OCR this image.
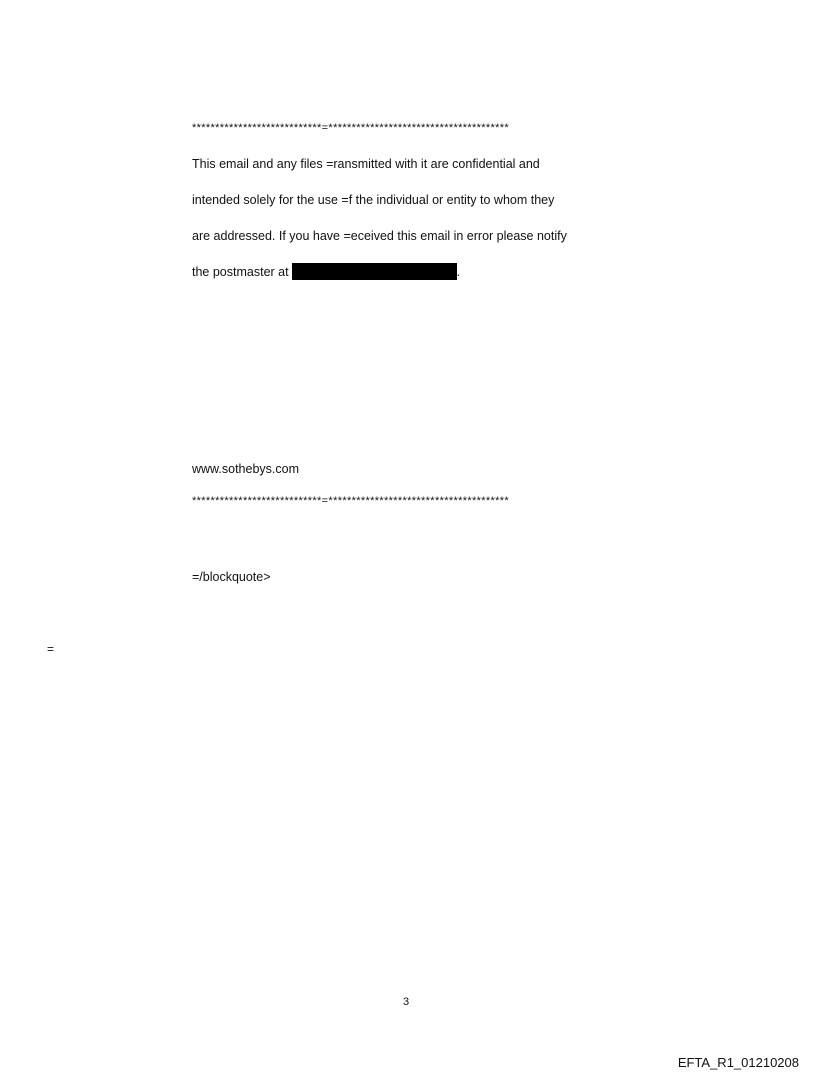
****************************=***************************************
This email and any files =ransmitted with it are confidential and
intended solely for the use =f the individual or entity to whom they
are addressed. If you have =eceived this email in error please notify
the postmaster at	.
www.sothebys.com
****************************=***************************************
=/blockquote>
=
3
EFTA_R1_01210208
